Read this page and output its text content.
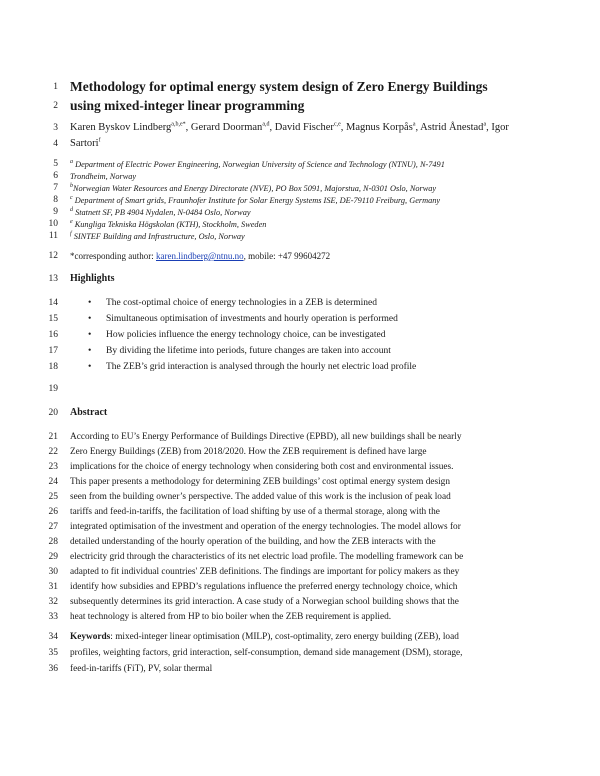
1
2
3
4
5
6
7
8
9
10
11
12
13
14
15
16
17
18
19
20
21
22
23
24
25
26
27
28
29
30
31
32
33
34
35
36
Methodology for optimal energy system design of Zero Energy Buildings
using mixed-integer linear programming
Karen Byskov Lindberg$^{a,b,e*}$, Gerard Doorman$^{a,d}$, David Fischer$^{c,e}$, Magnus Korpås$^a$, Astrid Ånestad$^a$, Igor
Sartori$^f$
$^a$ Department of Electric Power Engineering, Norwegian University of Science and Technology (NTNU), N-7491
Trondheim, Norway
$^b$Norwegian Water Resources and Energy Directorate (NVE), PO Box 5091, Majorstua, N-0301 Oslo, Norway
$^c$ Department of Smart grids, Fraunhofer Institute for Solar Energy Systems ISE, DE-79110 Freiburg, Germany
$^d$ Statnett SF, PB 4904 Nydalen, N-0484 Oslo, Norway
$^e$ Kungliga Tekniska Högskolan (KTH), Stockholm, Sweden
$^f$ SINTEF Building and Infrastructure, Oslo, Norway
*corresponding author: karen.lindberg@ntnu.no, mobile: +47 99604272
Highlights
• The cost-optimal choice of energy technologies in a ZEB is determined
• Simultaneous optimisation of investments and hourly operation is performed
• How policies influence the energy technology choice, can be investigated
• By dividing the lifetime into periods, future changes are taken into account
• The ZEB’s grid interaction is analysed through the hourly net electric load profile
Abstract
According to EU’s Energy Performance of Buildings Directive (EPBD), all new buildings shall be nearly
Zero Energy Buildings (ZEB) from 2018/2020. How the ZEB requirement is defined have large
implications for the choice of energy technology when considering both cost and environmental issues.
This paper presents a methodology for determining ZEB buildings’ cost optimal energy system design
seen from the building owner’s perspective. The added value of this work is the inclusion of peak load
tariffs and feed-in-tariffs, the facilitation of load shifting by use of a thermal storage, along with the
integrated optimisation of the investment and operation of the energy technologies. The model allows for
detailed understanding of the hourly operation of the building, and how the ZEB interacts with the
electricity grid through the characteristics of its net electric load profile. The modelling framework can be
adapted to fit individual countries' ZEB definitions. The findings are important for policy makers as they
identify how subsidies and EPBD’s regulations influence the preferred energy technology choice, which
subsequently determines its grid interaction. A case study of a Norwegian school building shows that the
heat technology is altered from HP to bio boiler when the ZEB requirement is applied.
Keywords: mixed-integer linear optimisation (MILP), cost-optimality, zero energy building (ZEB), load
profiles, weighting factors, grid interaction, self-consumption, demand side management (DSM), storage,
feed-in-tariffs (FiT), PV, solar thermal
